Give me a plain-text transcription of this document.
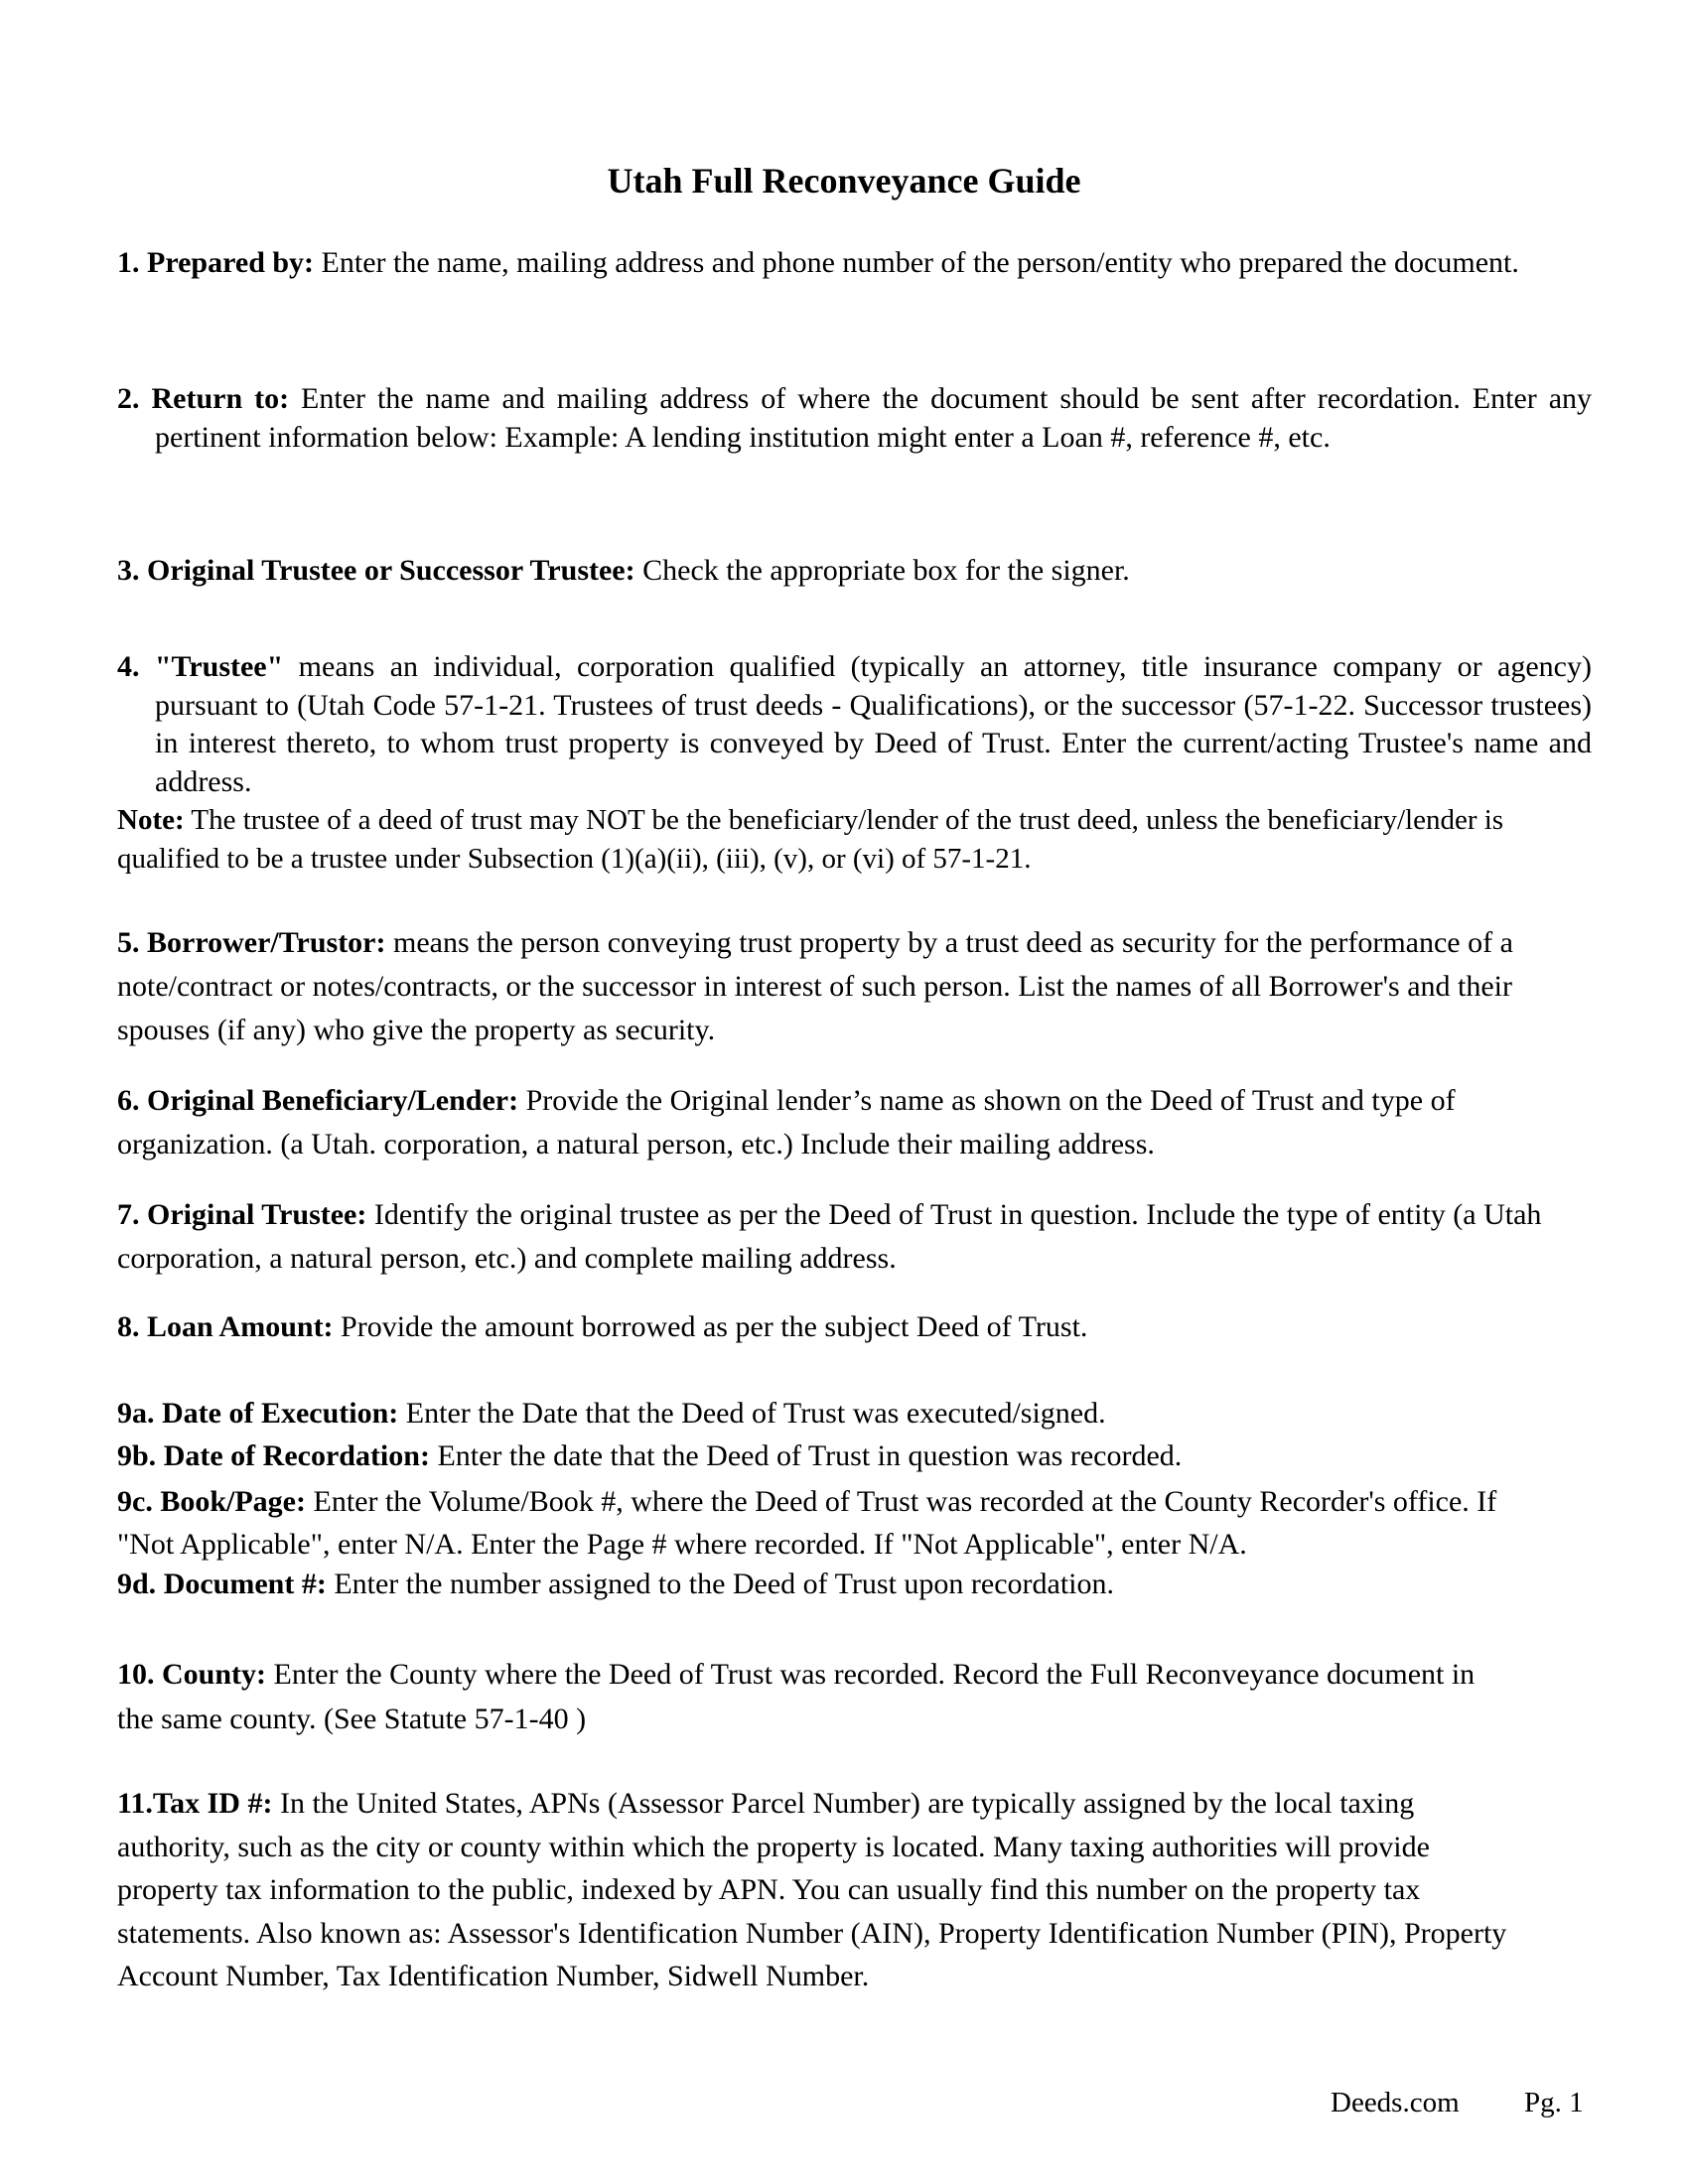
Utah Full Reconveyance Guide
1. Prepared by: Enter the name, mailing address and phone number of the person/entity who prepared the document.
2. Return to: Enter the name and mailing address of where the document should be sent after recordation. Enter any pertinent information below: Example: A lending institution might enter a Loan #, reference #, etc.
3. Original Trustee or Successor Trustee: Check the appropriate box for the signer.
4. "Trustee" means an individual, corporation qualified (typically an attorney, title insurance company or agency) pursuant to (Utah Code 57-1-21. Trustees of trust deeds - Qualifications), or the successor (57-1-22. Successor trustees) in interest thereto, to whom trust property is conveyed by Deed of Trust. Enter the current/acting Trustee's name and address.
Note: The trustee of a deed of trust may NOT be the beneficiary/lender of the trust deed, unless the beneficiary/lender is qualified to be a trustee under Subsection (1)(a)(ii), (iii), (v), or (vi) of 57-1-21.
5. Borrower/Trustor: means the person conveying trust property by a trust deed as security for the performance of a note/contract or notes/contracts, or the successor in interest of such person. List the names of all Borrower's and their spouses (if any) who give the property as security.
6. Original Beneficiary/Lender: Provide the Original lender’s name as shown on the Deed of Trust and type of organization. (a Utah. corporation, a natural person, etc.) Include their mailing address.
7. Original Trustee: Identify the original trustee as per the Deed of Trust in question. Include the type of entity (a Utah corporation, a natural person, etc.) and complete mailing address.
8. Loan Amount: Provide the amount borrowed as per the subject Deed of Trust.
9a. Date of Execution: Enter the Date that the Deed of Trust was executed/signed.
9b. Date of Recordation: Enter the date that the Deed of Trust in question was recorded.
9c. Book/Page: Enter the Volume/Book #, where the Deed of Trust was recorded at the County Recorder's office. If "Not Applicable", enter N/A. Enter the Page # where recorded. If "Not Applicable", enter N/A.
9d. Document #: Enter the number assigned to the Deed of Trust upon recordation.
10. County: Enter the County where the Deed of Trust was recorded. Record the Full Reconveyance document in the same county. (See Statute 57-1-40 )
11.Tax ID #: In the United States, APNs (Assessor Parcel Number) are typically assigned by the local taxing authority, such as the city or county within which the property is located. Many taxing authorities will provide property tax information to the public, indexed by APN. You can usually find this number on the property tax statements. Also known as: Assessor's Identification Number (AIN), Property Identification Number (PIN), Property Account Number, Tax Identification Number, Sidwell Number.
Deeds.com Pg. 1
